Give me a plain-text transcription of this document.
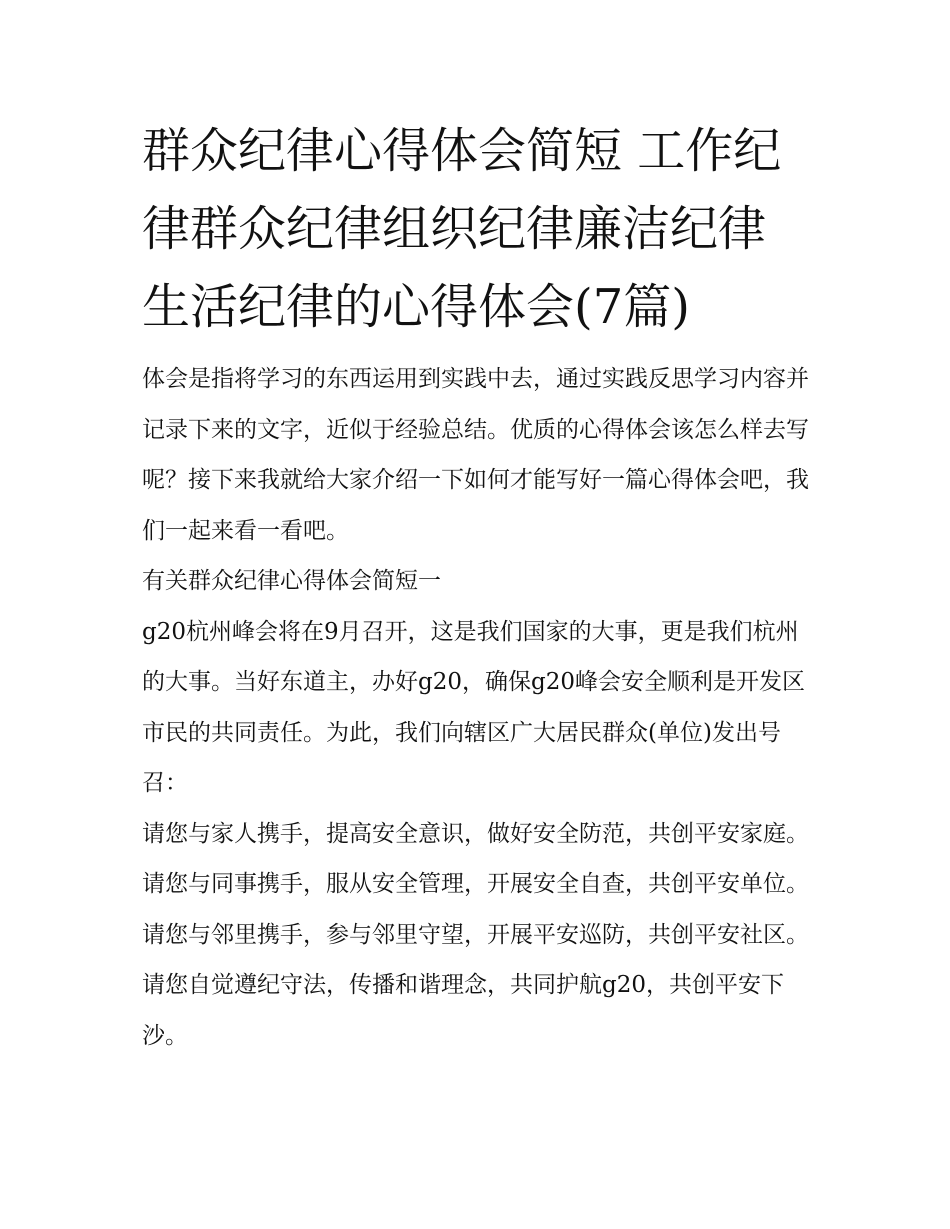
群众纪律心得体会简短 工作纪律群众纪律组织纪律廉洁纪律生活纪律的心得体会(7篇)

体会是指将学习的东西运用到实践中去，通过实践反思学习内容并记录下来的文字，近似于经验总结。优质的心得体会该怎么样去写呢？接下来我就给大家介绍一下如何才能写好一篇心得体会吧，我们一起来看一看吧。

有关群众纪律心得体会简短一

g20杭州峰会将在9月召开，这是我们国家的大事，更是我们杭州的大事。当好东道主，办好g20，确保g20峰会安全顺利是开发区市民的共同责任。为此，我们向辖区广大居民群众(单位)发出号召：

请您与家人携手，提高安全意识，做好安全防范，共创平安家庭。 请您与同事携手，服从安全管理，开展安全自查，共创平安单位。

请您与邻里携手，参与邻里守望，开展平安巡防，共创平安社区。 请您自觉遵纪守法，传播和谐理念，共同护航g20，共创平安下沙。
